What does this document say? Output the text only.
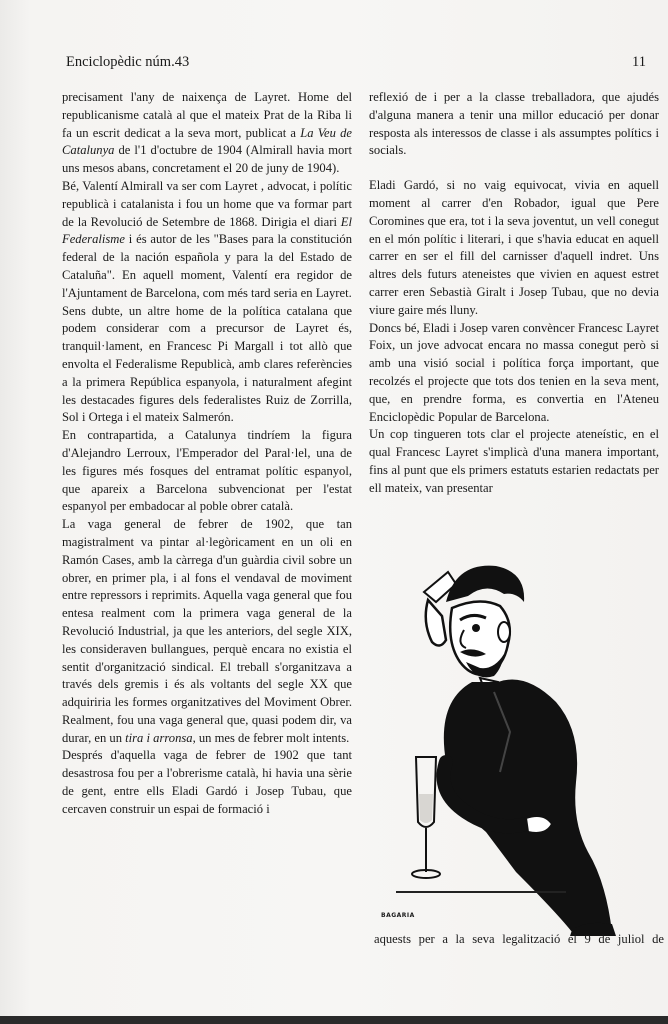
Enciclopèdic núm.43	11

precisament l'any de naixença de Layret. Home del republicanisme català al que el mateix Prat de la Riba li fa un escrit dedicat a la seva mort, publicat a La Veu de Catalunya de l'1 d'octubre de 1904 (Almirall havia mort uns mesos abans, concretament el 20 de juny de 1904).

Bé, Valentí Almirall va ser com Layret , advocat, i polític republicà i catalanista i fou un home que va formar part de la Revolució de Setembre de 1868. Dirigia el diari El Federalisme i és autor de les "Bases para la constitución federal de la nación española y para la del Estado de Cataluña". En aquell moment, Valentí era regidor de l'Ajuntament de Barcelona, com més tard seria en Layret.

Sens dubte, un altre home de la política catalana que podem considerar com a precursor de Layret és, tranquil·lament, en Francesc Pi Margall i tot allò que envolta el Federalisme Republicà, amb clares referències a la primera República espanyola, i naturalment afegint les destacades figures dels federalistes Ruiz de Zorrilla, Sol i Ortega i el mateix Salmerón.

En contrapartida, a Catalunya tindríem la figura d'Alejandro Lerroux, l'Emperador del Paral·lel, una de les figures més fosques del entramat polític espanyol, que apareix a Barcelona subvencionat per l'estat espanyol per embadocar al poble obrer català.

La vaga general de febrer de 1902, que tan magistralment va pintar al·legòricament en un oli en Ramón Cases, amb la càrrega d'un guàrdia civil sobre un obrer, en primer pla, i al fons el vendaval de moviment entre repressors i reprimits. Aquella vaga general que fou entesa realment com la primera vaga general de la Revolució Industrial, ja que les anteriors, del segle XIX, les consideraven bullangues, perquè encara no existia el sentit d'organització sindical. El treball s'organitzava a través dels gremis i és als voltants del segle XX que adquiriria les formes organitzatives del Moviment Obrer. Realment, fou una vaga general que, quasi podem dir, va durar, en un tira i arronsa, un mes de febrer molt intents.

Després d'aquella vaga de febrer de 1902 que tant desastrosa fou per a l'obrerisme català, hi havia una sèrie de gent, entre ells Eladi Gardó i Josep Tubau, que cercaven construir un espai de formació i

reflexió de i per a la classe treballadora, que ajudés d'alguna manera a tenir una millor educació per donar resposta als interessos de classe i als assumptes polítics i socials.

Eladi Gardó, si no vaig equivocat, vivia en aquell moment al carrer d'en Robador, igual que Pere Coromines que era, tot i la seva joventut, un vell conegut en el món polític i literari, i que s'havia educat en aquell carrer en ser el fill del carnisser d'aquell indret. Uns altres dels futurs ateneistes que vivien en aquest estret carrer eren Sebastià Giralt i Josep Tubau, que no devia viure gaire més lluny.

Doncs bé, Eladi i Josep varen convèncer Francesc Layret Foix, un jove advocat encara no massa conegut però si amb una visió social i política força important, que recolzés el projecte que tots dos tenien en la seva ment, que, en prendre forma, es convertia en l'Ateneu Enciclopèdic Popular de Barcelona.

Un cop tingueren tots clar el projecte ateneístic, en el qual Francesc Layret s'implicà d'una manera important, fins al punt que els primers estatuts estarien redactats per ell mateix, van presentar

BAGARIA
aquests per a la seva legalització el 9 de juliol de
